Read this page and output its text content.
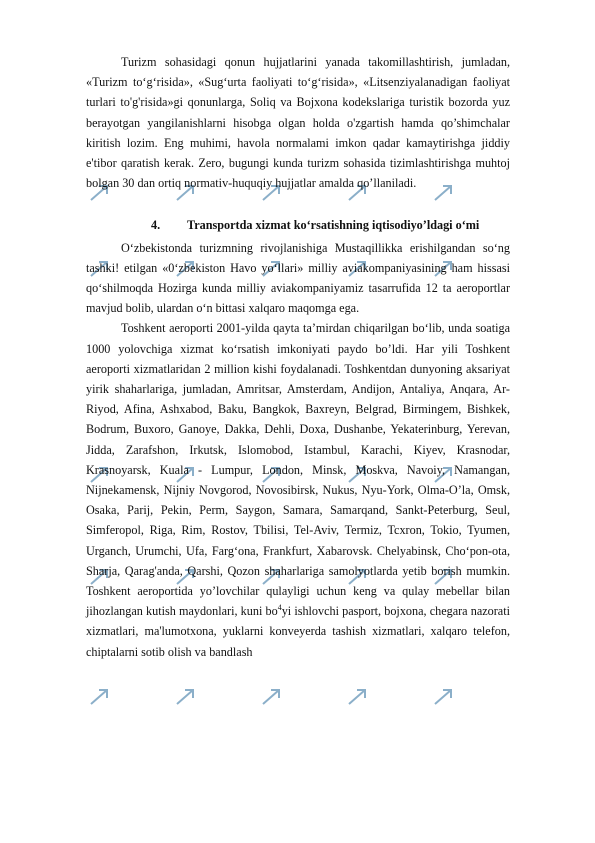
Turizm sohasidagi qonun hujjatlarini yanada takomillashtirish, jumladan, «Turizm to‘g‘risida», «Sug‘urta faoliyati to‘g‘risida», «Litsenziyalanadigan faoliyat turlari to'g'risida»gi qonunlarga, Soliq va Bojxona kodekslariga turistik bozorda yuz berayotgan yangilanishlarni hisobga olgan holda o'zgartish hamda qo’shimchalar kiritish lozim. Eng muhimi, havola normalami imkon qadar kamaytirishga jiddiy e'tibor qaratish kerak. Zero, bugungi kunda turizm sohasida tizimlashtirishga muhtoj bolgan 30 dan ortiq normativ-huquqiy hujjatlar amalda qo’llaniladi.

4.	Transportda xizmat ko‘rsatishning iqtisodiyo’ldagi o‘mi

O‘zbekistonda turizmning rivojlanishiga Mustaqillikka erishilgandan so‘ng tashki! etilgan «0‘zbekiston Havo yo‘llari» milliy aviakompaniyasining ham hissasi qo‘shilmoqda Hozirga kunda milliy aviakompaniyamiz tasarrufida 12 ta aeroportlar mavjud bolib, ulardan o‘n bittasi xalqaro maqomga ega.

Toshkent aeroporti 2001-yilda qayta ta’mirdan chiqarilgan bo‘lib, unda soatiga 1000 yolovchiga xizmat ko‘rsatish imkoniyati paydo bo’ldi. Har yili Toshkent aeroporti xizmatlaridan 2 million kishi foydalanadi. Toshkentdan dunyoning aksariyat yirik shaharlariga, jumladan, Amritsar, Amsterdam, Andijon, Antaliya, Anqara, Ar-Riyod, Afina, Ashxabod, Baku, Bangkok, Baxreyn, Belgrad, Birmingem, Bishkek, Bodrum, Buxoro, Ganoye, Dakka, Dehli, Doxa, Dushanbe, Yekaterinburg, Yerevan, Jidda, Zarafshon, Irkutsk, Islomobod, Istambul, Karachi, Kiyev, Krasnodar, Krasnoyarsk, Kuala - Lumpur, London, Minsk, Moskva, Navoiy, Namangan, Nijnekamensk, Nijniy Novgorod, Novosibirsk, Nukus, Nyu-York, Olma-O’la, Omsk, Osaka, Parij, Pekin, Perm, Saygon, Samara, Samarqand, Sankt-Peterburg, Seul, Simferopol, Riga, Rim, Rostov, Tbilisi, Tel-Aviv, Termiz, Tcxron, Tokio, Tyumen, Urganch, Urumchi, Ufa, Farg‘ona, Frankfurt, Xabarovsk. Chelyabinsk, Cho‘pon-ota, Sharja, Qarag'anda, Qarshi, Qozon shaharlariga samolyotlarda yetib borish mumkin. Toshkent aeroportida yo’lovchilar qulayligi uchun keng va qulay mebellar bilan jihozlangan kutish maydonlari, kuni bo$^4$yi ishlovchi pasport, bojxona, chegara nazorati xizmatlari, ma'lumotxona, yuklarni konveyerda tashish xizmatlari, xalqaro telefon, chiptalarni sotib olish va bandlash
